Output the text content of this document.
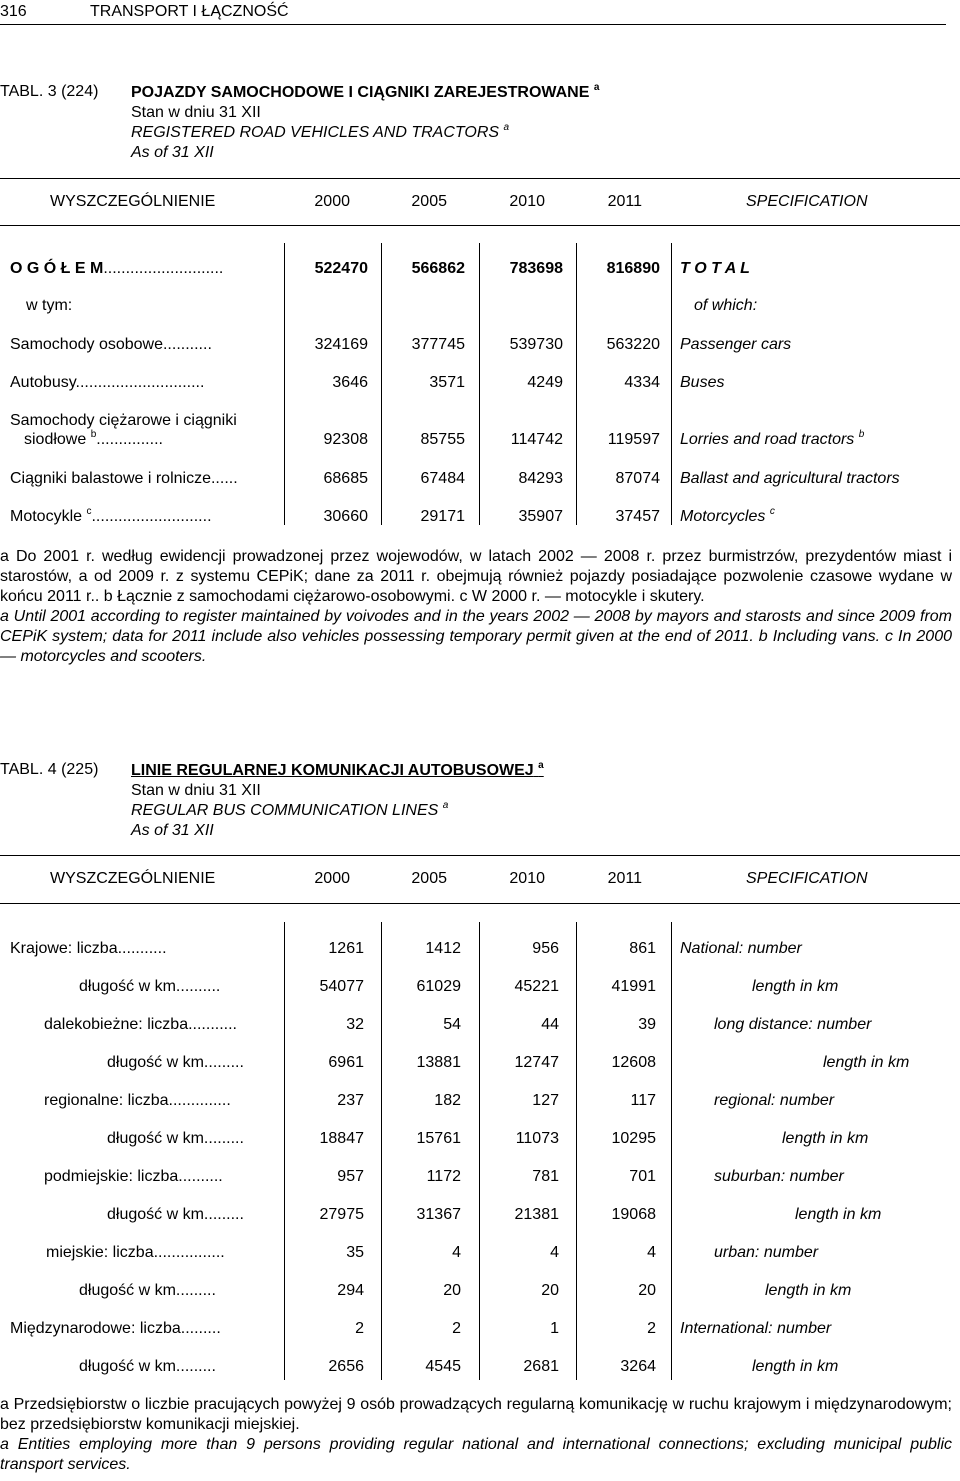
316	TRANSPORT I ŁĄCZNOŚĆ
TABL. 3 (224) POJAZDY SAMOCHODOWE I CIĄGNIKI ZAREJESTROWANE $^a$
Stan w dniu 31 XII
REGISTERED ROAD VEHICLES AND TRACTORS $^a$
As of 31 XII
WYSZCZEGÓLNIENIE	2000	2005	2010	2011	SPECIFICATION
O G Ó Ł E M...........................	522470	566862	783698	816890 T O T A L
w tym:	of which:
Samochody osobowe...........	324169	377745	539730	563220 Passenger cars
Autobusy.............................	3646	3571	4249	4334 Buses
Samochody ciężarowe i ciągniki
siodłowe $^b$...............	92308	85755	114742	119597 Lorries and road tractors $^b$
Ciągniki balastowe i rolnicze......	68685	67484	84293	87074 Ballast and agricultural tractors
Motocykle $^c$...........................	30660	29171	35907	37457 Motorcycles $^c$

a Do 2001 r. według ewidencji prowadzonej przez wojewodów, w latach 2002 — 2008 r. przez burmistrzów, prezydentów miast i starostów, a od 2009 r. z systemu CEPiK; dane za 2011 r. obejmują również pojazdy posiadające pozwolenie czasowe wydane w końcu 2011 r.. b Łącznie z samochodami ciężarowo-osobowymi. c W 2000 r. — motocykle i skutery.

a Until 2001 according to register maintained by voivodes and in the years 2002 — 2008 by mayors and starosts and since 2009 from CEPiK system; data for 2011 include also vehicles possessing temporary permit given at the end of 2011. b Including vans. c In 2000 — motorcycles and scooters.

TABL. 4 (225) LINIE REGULARNEJ KOMUNIKACJI AUTOBUSOWEJ $^a$
Stan w dniu 31 XII
REGULAR BUS COMMUNICATION LINES $^a$
As of 31 XII
WYSZCZEGÓLNIENIE	2000	2005	2010	2011	SPECIFICATION
Krajowe: liczba...........	1261	1412	956	861 National: number
długość w km..........	54077	61029	45221	41991	length in km
dalekobieżne: liczba...........	32	54	44	39	long distance: number
długość w km.........	6961	13881	12747	12608	length in km
regionalne: liczba..............	237	182	127	117	regional: number
długość w km.........	18847	15761	11073	10295	length in km
podmiejskie: liczba..........	957	1172	781	701	suburban: number
długość w km.........	27975	31367	21381	19068	length in km
miejskie: liczba................	35	4	4	4	urban: number
długość w km.........	294	20	20	20	length in km
Międzynarodowe: liczba.........	2	2	1	2 International: number
długość w km.........	2656	4545	2681	3264	length in km

a Przedsiębiorstw o liczbie pracujących powyżej 9 osób prowadzących regularną komunikację w ruchu krajowym i międzynarodowym; bez przedsiębiorstw komunikacji miejskiej.

a Entities employing more than 9 persons providing regular national and international connections; excluding municipal public transport services.
